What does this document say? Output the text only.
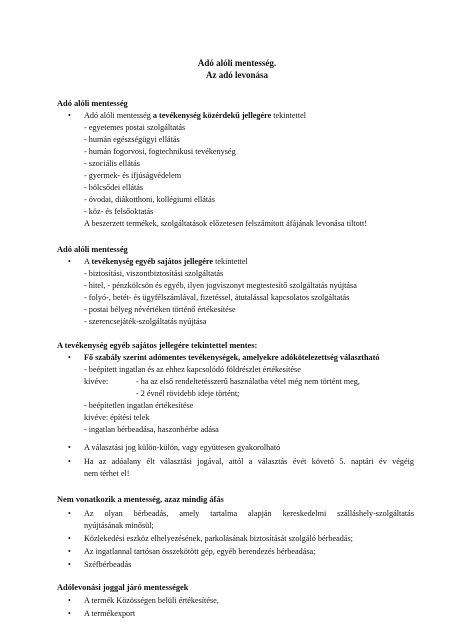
Adó alóli mentesség.
Az adó levonása
Adó alóli mentesség
• Adó alóli mentesség a tevékenység közérdekű jellegére tekintettel
- egyetemes postai szolgáltatás
- humán egészségügyi ellátás
- humán fogorvosi, fogtechnikusi tevékenység
- szociális ellátás
- gyermek- és ifjúságvédelem
- bölcsődei ellátás
- óvodai, diákotthoni, kollégiumi ellátás
- köz- és felsőoktatás
A beszerzett termékek, szolgáltatások előzetesen felszámított áfájának levonása tiltott!
Adó alóli mentesség
• A tevékenység egyéb sajátos jellegére tekintettel
- biztosítási, viszontbiztosítási szolgáltatás
- hitel, - pénzkölcsön és egyéb, ilyen jogviszonyt megtestesítő szolgáltatás nyújtása
- folyó-, betét- és ügyfélszámlával, fizetéssel, átutalással kapcsolatos szolgáltatás
- postai bélyeg névértéken történő értékesítése
- szerencsejáték-szolgáltatás nyújtása
A tevékenység egyéb sajátos jellegére tekintettel mentes:
• Fő szabály szerint adómentes tevékenységek, amelyekre adókötelezettség választható
- beépített ingatlan és az ehhez kapcsolódó földrészlet értékesítése
kivéve:	- ha az első rendeltetésszerű használatba vétel még nem történt meg,
- 2 évnél rövidebb ideje történt;
- beépítetlen ingatlan értékesítése
kivéve: építési telek
- ingatlan bérbeadása, haszonbérbe adása
• A választási jog külön-külön, vagy együttesen gyakorolható
• Ha az adóalany élt választási jogával, attól a választás évét követő 5. naptári év végéig
nem térhet el!
Nem vonatkozik a mentesség, azaz mindig áfás
• Az olyan bérbeadás, amely tartalma alapján kereskedelmi szálláshely-szolgáltatás
nyújtásának minősül;
• Közlekedési eszköz elhelyezésének, parkolásának biztosítását szolgáló bérbeadás;
• Az ingatlannal tartósan összekötött gép, egyéb berendezés bérbeadása;
• Széfbérbeadás
Adólevonási joggal járó mentességek
• A termék Közösségen belüli értékesítése,
• A termékexport
